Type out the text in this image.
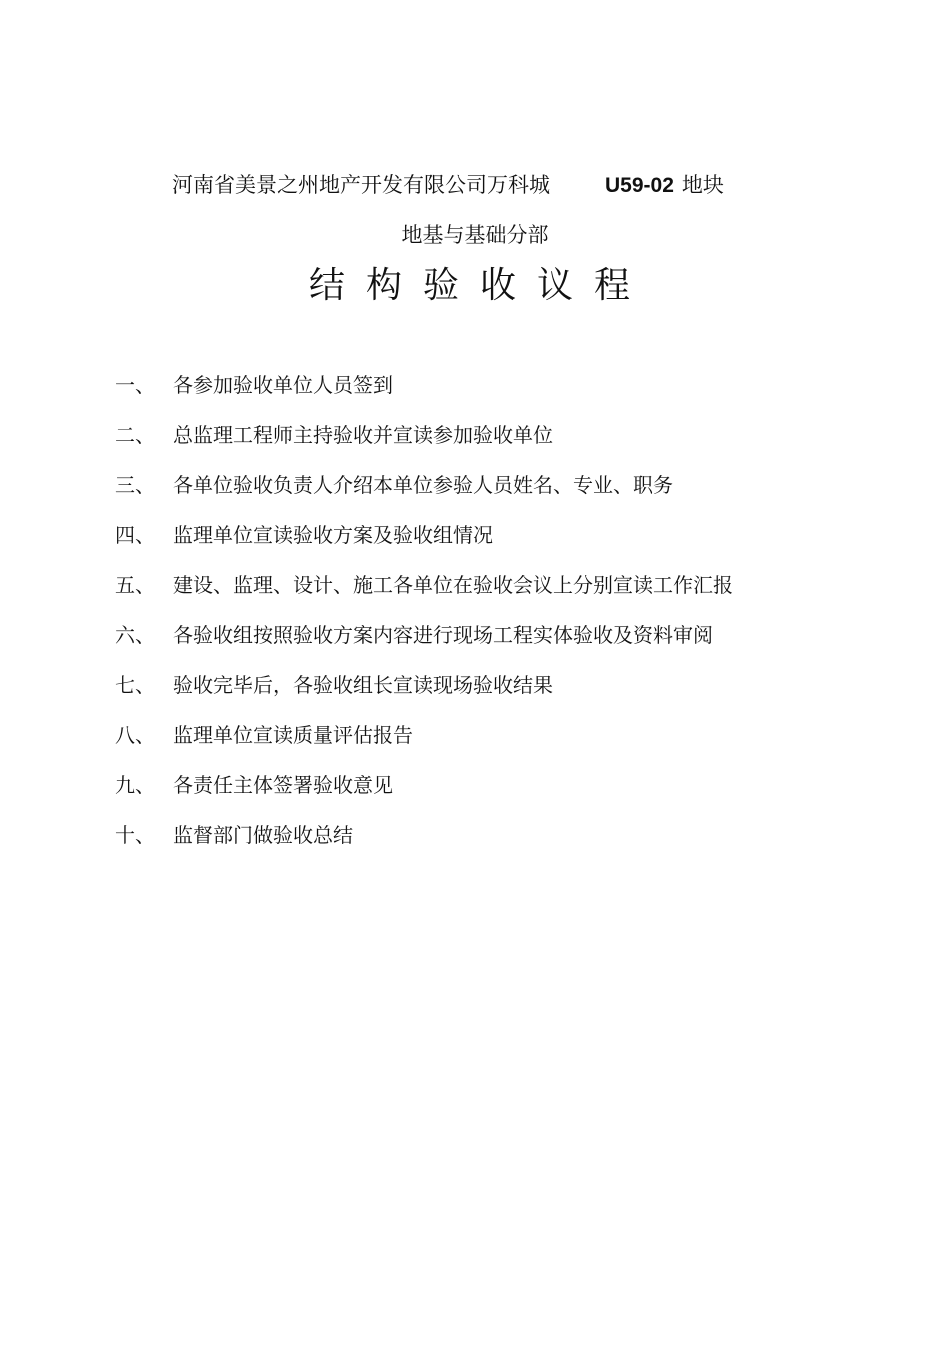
河南省美景之州地产开发有限公司万科城	U59-02 地块
地基与基础分部
结构验收议程
一、 各参加验收单位人员签到
二、 总监理工程师主持验收并宣读参加验收单位
三、 各单位验收负责人介绍本单位参验人员姓名、专业、职务
四、 监理单位宣读验收方案及验收组情况
五、 建设、监理、设计、施工各单位在验收会议上分别宣读工作汇报
六、 各验收组按照验收方案内容进行现场工程实体验收及资料审阅
七、 验收完毕后，各验收组长宣读现场验收结果
八、 监理单位宣读质量评估报告
九、 各责任主体签署验收意见
十、 监督部门做验收总结
